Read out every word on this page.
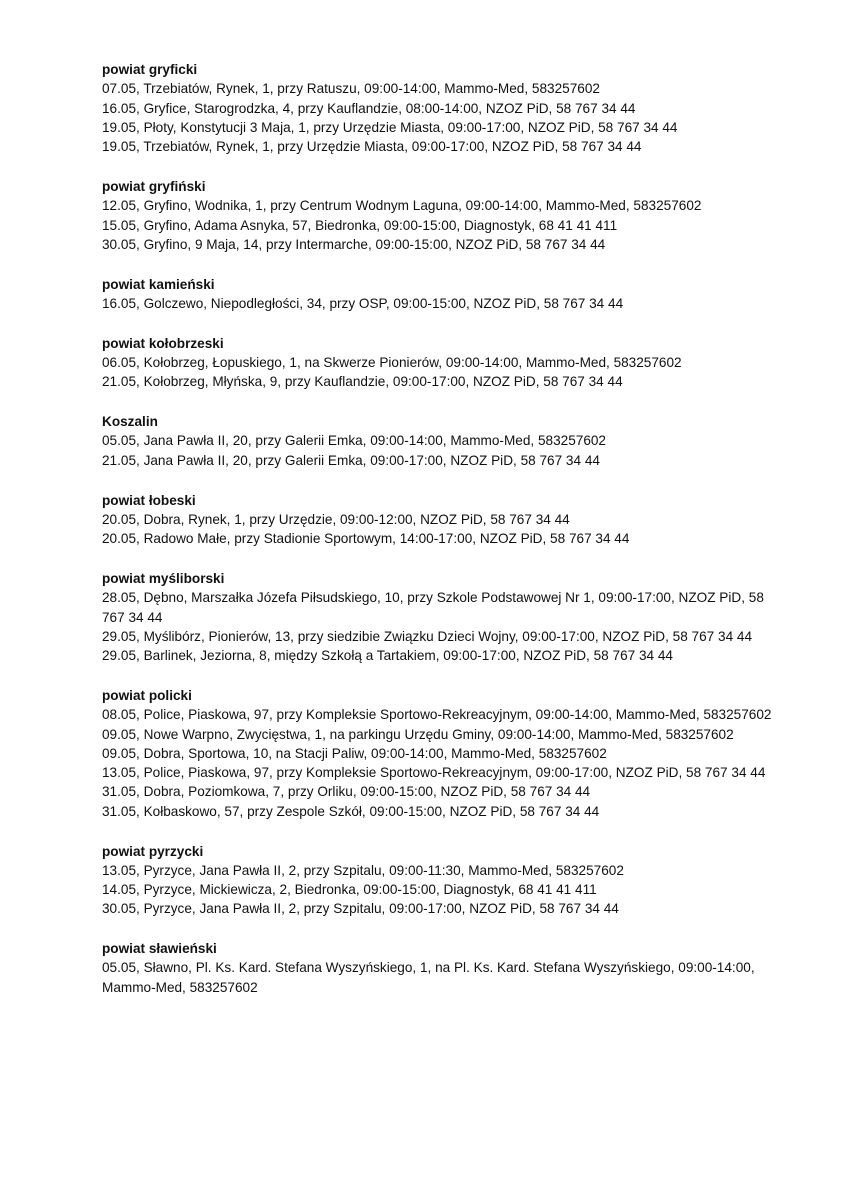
powiat gryficki

07.05, Trzebiatów, Rynek, 1, przy Ratuszu, 09:00-14:00, Mammo-Med, 583257602

16.05, Gryfice, Starogrodzka, 4, przy Kauflandzie, 08:00-14:00, NZOZ PiD, 58 767 34 44

19.05, Płoty, Konstytucji 3 Maja, 1, przy Urzędzie Miasta, 09:00-17:00, NZOZ PiD, 58 767 34 44

19.05, Trzebiatów, Rynek, 1, przy Urzędzie Miasta, 09:00-17:00, NZOZ PiD, 58 767 34 44

powiat gryfiński

12.05, Gryfino, Wodnika, 1, przy Centrum Wodnym Laguna, 09:00-14:00, Mammo-Med, 583257602

15.05, Gryfino, Adama Asnyka, 57, Biedronka, 09:00-15:00, Diagnostyk, 68 41 41 411

30.05, Gryfino, 9 Maja, 14, przy Intermarche, 09:00-15:00, NZOZ PiD, 58 767 34 44

powiat kamieński

16.05, Golczewo, Niepodległości, 34, przy OSP, 09:00-15:00, NZOZ PiD, 58 767 34 44

powiat kołobrzeski

06.05, Kołobrzeg, Łopuskiego, 1, na Skwerze Pionierów, 09:00-14:00, Mammo-Med, 583257602

21.05, Kołobrzeg, Młyńska, 9, przy Kauflandzie, 09:00-17:00, NZOZ PiD, 58 767 34 44

Koszalin

05.05, Jana Pawła II, 20, przy Galerii Emka, 09:00-14:00, Mammo-Med, 583257602

21.05, Jana Pawła II, 20, przy Galerii Emka, 09:00-17:00, NZOZ PiD, 58 767 34 44

powiat łobeski

20.05, Dobra, Rynek, 1, przy Urzędzie, 09:00-12:00, NZOZ PiD, 58 767 34 44

20.05, Radowo Małe, przy Stadionie Sportowym, 14:00-17:00, NZOZ PiD, 58 767 34 44

powiat myśliborski

28.05, Dębno, Marszałka Józefa Piłsudskiego, 10, przy Szkole Podstawowej Nr 1, 09:00-17:00, NZOZ PiD, 58 767 34 44

29.05, Myślibórz, Pionierów, 13, przy siedzibie Związku Dzieci Wojny, 09:00-17:00, NZOZ PiD, 58 767 34 44

29.05, Barlinek, Jeziorna, 8, między Szkołą a Tartakiem, 09:00-17:00, NZOZ PiD, 58 767 34 44

powiat policki

08.05, Police, Piaskowa, 97, przy Kompleksie Sportowo-Rekreacyjnym, 09:00-14:00, Mammo-Med, 583257602

09.05, Nowe Warpno, Zwycięstwa, 1, na parkingu Urzędu Gminy, 09:00-14:00, Mammo-Med, 583257602

09.05, Dobra, Sportowa, 10, na Stacji Paliw, 09:00-14:00, Mammo-Med, 583257602

13.05, Police, Piaskowa, 97, przy Kompleksie Sportowo-Rekreacyjnym, 09:00-17:00, NZOZ PiD, 58 767 34 44

31.05, Dobra, Poziomkowa, 7, przy Orliku, 09:00-15:00, NZOZ PiD, 58 767 34 44

31.05, Kołbaskowo, 57, przy Zespole Szkół, 09:00-15:00, NZOZ PiD, 58 767 34 44

powiat pyrzycki

13.05, Pyrzyce, Jana Pawła II, 2, przy Szpitalu, 09:00-11:30, Mammo-Med, 583257602

14.05, Pyrzyce, Mickiewicza, 2, Biedronka, 09:00-15:00, Diagnostyk, 68 41 41 411

30.05, Pyrzyce, Jana Pawła II, 2, przy Szpitalu, 09:00-17:00, NZOZ PiD, 58 767 34 44

powiat sławieński

05.05, Sławno, Pl. Ks. Kard. Stefana Wyszyńskiego, 1, na Pl. Ks. Kard. Stefana Wyszyńskiego, 09:00-14:00, Mammo-Med, 583257602
